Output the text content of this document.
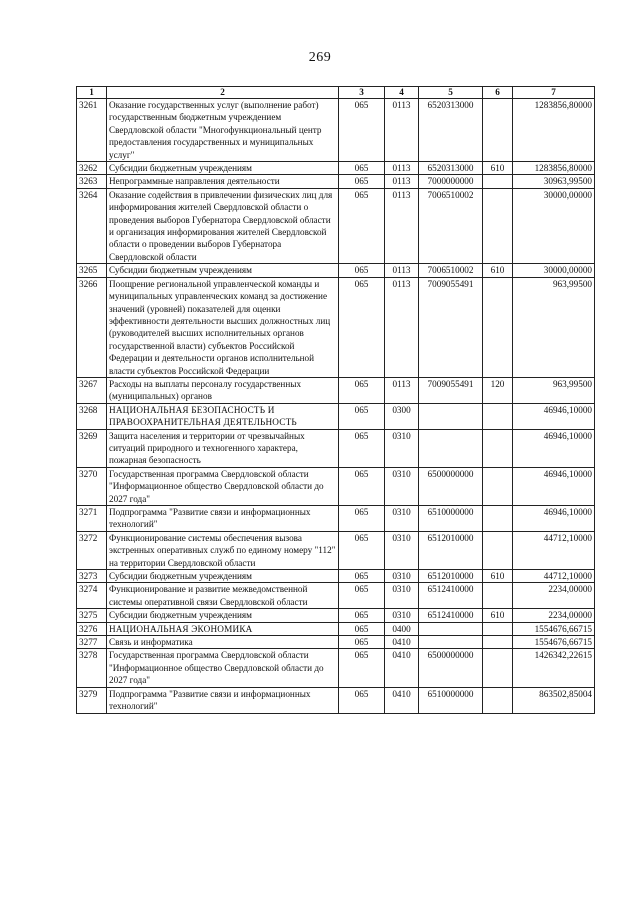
269
1	2	3	4	5	6	7
3261	Оказание государственных услуг (выполнение работ) государственным бюджетным учреждением Свердловской области "Многофункциональный центр предоставления государственных и муниципальных услуг"	065	0113	6520313000		1283856,80000
3262	Субсидии бюджетным учреждениям	065	0113	6520313000	610	1283856,80000
3263	Непрограммные направления деятельности	065	0113	7000000000		30963,99500
3264	Оказание содействия в привлечении физических лиц для информирования жителей Свердловской области о проведения выборов Губернатора Свердловской области и организация информирования жителей Свердловской области о проведении выборов Губернатора Свердловской области	065	0113	7006510002		30000,00000
3265	Субсидии бюджетным учреждениям	065	0113	7006510002	610	30000,00000
3266	Поощрение региональной управленческой команды и муниципальных управленческих команд за достижение значений (уровней) показателей для оценки эффективности деятельности высших должностных лиц (руководителей высших исполнительных органов государственной власти) субъектов Российской Федерации и деятельности органов исполнительной власти субъектов Российской Федерации	065	0113	7009055491		963,99500
3267	Расходы на выплаты персоналу государственных (муниципальных) органов	065	0113	7009055491	120	963,99500
3268	НАЦИОНАЛЬНАЯ БЕЗОПАСНОСТЬ И ПРАВООХРАНИТЕЛЬНАЯ ДЕЯТЕЛЬНОСТЬ	065	0300			46946,10000
3269	Защита населения и территории от чрезвычайных ситуаций природного и техногенного характера, пожарная безопасность	065	0310			46946,10000
3270	Государственная программа Свердловской области "Информационное общество Свердловской области до 2027 года"	065	0310	6500000000		46946,10000
3271	Подпрограмма "Развитие связи и информационных технологий"	065	0310	6510000000		46946,10000
3272	Функционирование системы обеспечения вызова экстренных оперативных служб по единому номеру "112" на территории Свердловской области	065	0310	6512010000		44712,10000
3273	Субсидии бюджетным учреждениям	065	0310	6512010000	610	44712,10000
3274	Функционирование и развитие межведомственной системы оперативной связи Свердловской области	065	0310	6512410000		2234,00000
3275	Субсидии бюджетным учреждениям	065	0310	6512410000	610	2234,00000
3276	НАЦИОНАЛЬНАЯ ЭКОНОМИКА	065	0400			1554676,66715
3277	Связь и информатика	065	0410			1554676,66715
3278	Государственная программа Свердловской области "Информационное общество Свердловской области до 2027 года"	065	0410	6500000000		1426342,22615
3279	Подпрограмма "Развитие связи и информационных технологий"	065	0410	6510000000		863502,85004
